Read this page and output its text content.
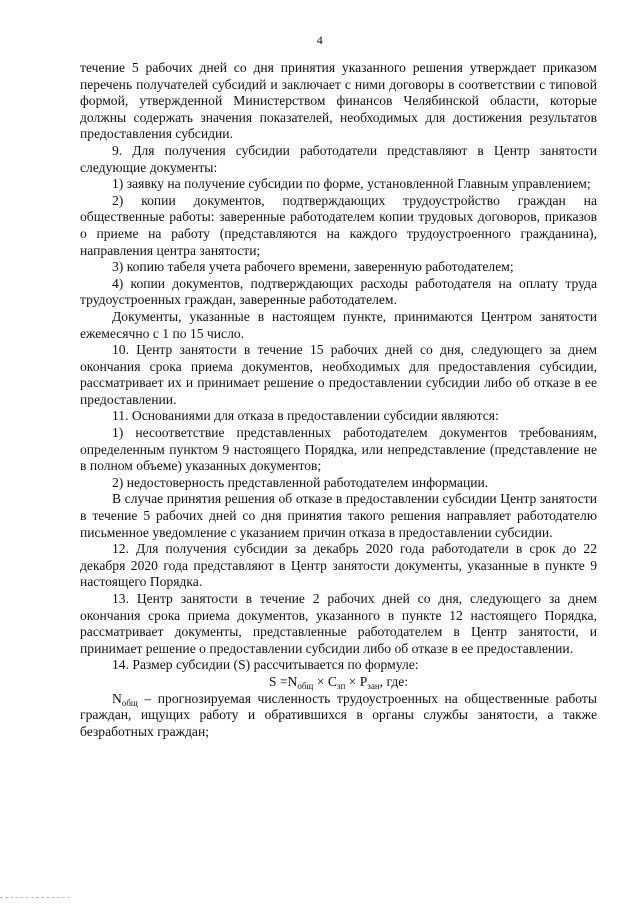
4

течение 5 рабочих дней со дня принятия указанного решения утверждает приказом перечень получателей субсидий и заключает с ними договоры в соответствии с типовой формой, утвержденной Министерством финансов Челябинской области, которые должны содержать значения показателей, необходимых для достижения результатов предоставления субсидии.

9. Для получения субсидии работодатели представляют в Центр занятости следующие документы:

1) заявку на получение субсидии по форме, установленной Главным управлением;

2) копии документов, подтверждающих трудоустройство граждан на общественные работы: заверенные работодателем копии трудовых договоров, приказов о приеме на работу (представляются на каждого трудоустроенного гражданина), направления центра занятости;

3) копию табеля учета рабочего времени, заверенную работодателем;

4) копии документов, подтверждающих расходы работодателя на оплату труда трудоустроенных граждан, заверенные работодателем.

Документы, указанные в настоящем пункте, принимаются Центром занятости ежемесячно с 1 по 15 число.

10. Центр занятости в течение 15 рабочих дней со дня, следующего за днем окончания срока приема документов, необходимых для предоставления субсидии, рассматривает их и принимает решение о предоставлении субсидии либо об отказе в ее предоставлении.

11. Основаниями для отказа в предоставлении субсидии являются:

1) несоответствие представленных работодателем документов требованиям, определенным пунктом 9 настоящего Порядка, или непредставление (представление не в полном объеме) указанных документов;

2) недостоверность представленной работодателем информации.

В случае принятия решения об отказе в предоставлении субсидии Центр занятости в течение 5 рабочих дней со дня принятия такого решения направляет работодателю письменное уведомление с указанием причин отказа в предоставлении субсидии.

12. Для получения субсидии за декабрь 2020 года работодатели в срок до 22 декабря 2020 года представляют в Центр занятости документы, указанные в пункте 9 настоящего Порядка.

13. Центр занятости в течение 2 рабочих дней со дня, следующего за днем окончания срока приема документов, указанного в пункте 12 настоящего Порядка, рассматривает документы, представленные работодателем в Центр занятости, и принимает решение о предоставлении субсидии либо об отказе в ее предоставлении.

14. Размер субсидии (S) рассчитывается по формуле:

$S =N_{общ} \times C_{зп} \times P_{зан}$, где:

$N_{общ}$ – прогнозируемая численность трудоустроенных на общественные работы граждан, ищущих работу и обратившихся в органы службы занятости, а также безработных граждан;
